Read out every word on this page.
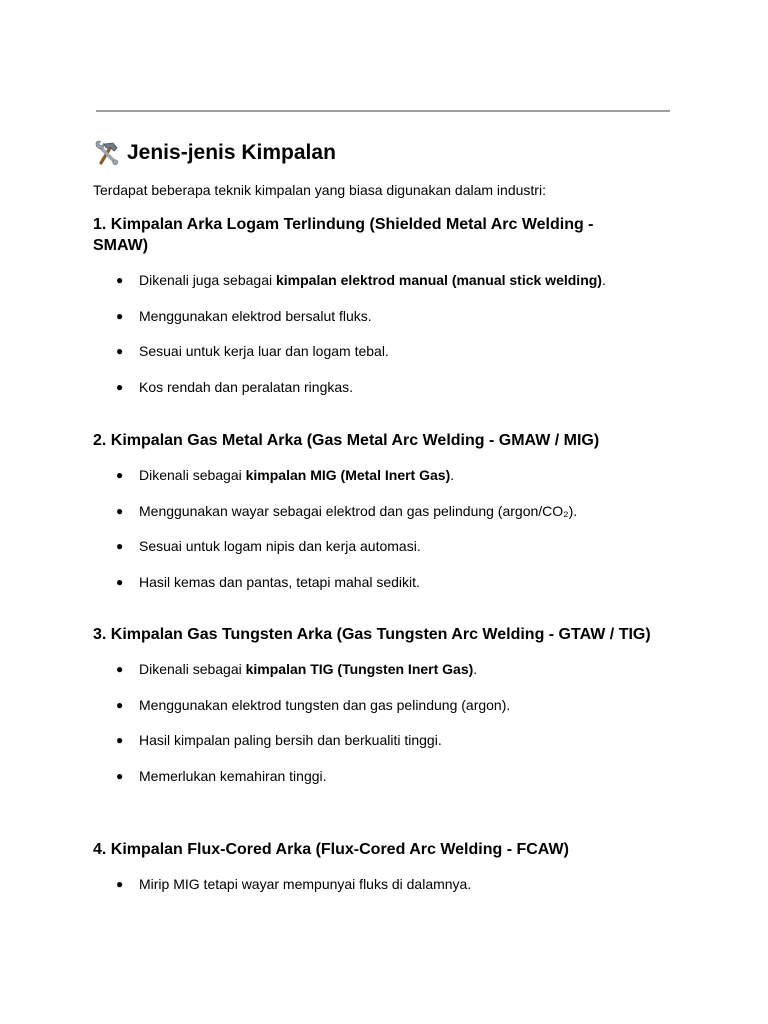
Jenis-jenis Kimpalan

Terdapat beberapa teknik kimpalan yang biasa digunakan dalam industri:

1. Kimpalan Arka Logam Terlindung (Shielded Metal Arc Welding - SMAW)
● Dikenali juga sebagai kimpalan elektrod manual (manual stick welding).
● Menggunakan elektrod bersalut fluks.
● Sesuai untuk kerja luar dan logam tebal.
● Kos rendah dan peralatan ringkas.
2. Kimpalan Gas Metal Arka (Gas Metal Arc Welding - GMAW / MIG)
● Dikenali sebagai kimpalan MIG (Metal Inert Gas).
● Menggunakan wayar sebagai elektrod dan gas pelindung (argon/CO₂).
● Sesuai untuk logam nipis dan kerja automasi.
● Hasil kemas dan pantas, tetapi mahal sedikit.
3. Kimpalan Gas Tungsten Arka (Gas Tungsten Arc Welding - GTAW / TIG)
● Dikenali sebagai kimpalan TIG (Tungsten Inert Gas).
● Menggunakan elektrod tungsten dan gas pelindung (argon).
● Hasil kimpalan paling bersih dan berkualiti tinggi.
● Memerlukan kemahiran tinggi.
4. Kimpalan Flux-Cored Arka (Flux-Cored Arc Welding - FCAW)
● Mirip MIG tetapi wayar mempunyai fluks di dalamnya.
